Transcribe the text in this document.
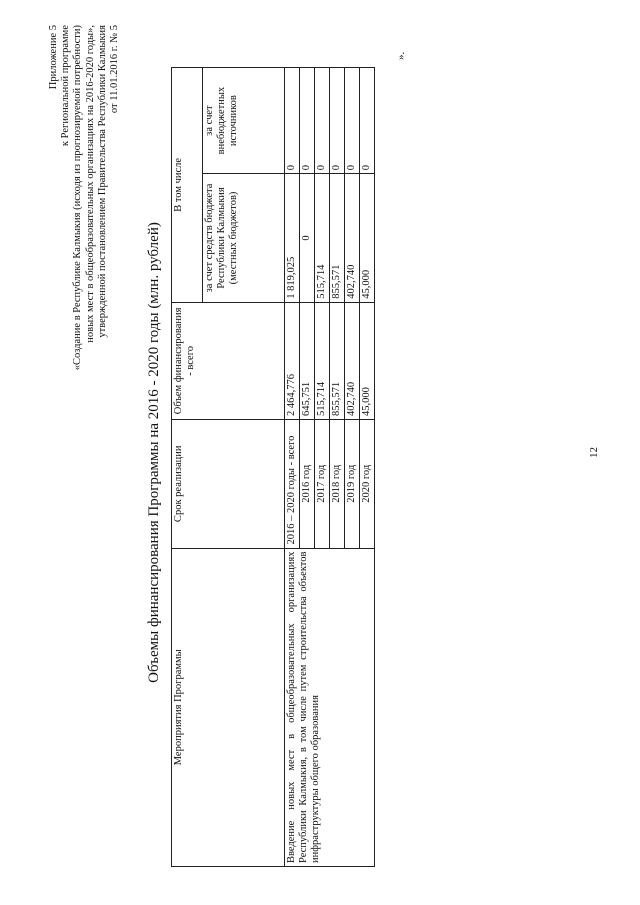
Приложение 5 к Региональной программе «Создание в Республике Калмыкия (исходя из прогнозируемой потребности) новых мест в общеобразовательных организациях на 2016-2020 годы», утвержденной постановлением Правительства Республики Калмыкия от 11.01.2016 г. № 5
Объемы финансирования Программы на 2016 - 2020 годы (млн. рублей)
Мероприятия Программы	Срок реализации	Объем финансирования - всего	В том числе	
			за счет средств бюджета Республики Калмыкия (местных бюджетов)	за счет внебюджетных источников
Введение новых мест в общеобразовательных организациях Республики Калмыкия, в том числе путем строительства объектов инфраструктуры общего образования	2016 – 2020 годы - всего	2 464,776	1 819,025	0
	2016 год	645,751	0	0
	2017 год	515,714	515,714	0
	2018 год	855,571	855,571	0
	2019 год	402,740	402,740	0
	2020 год	45,000	45,000	0
».
12
